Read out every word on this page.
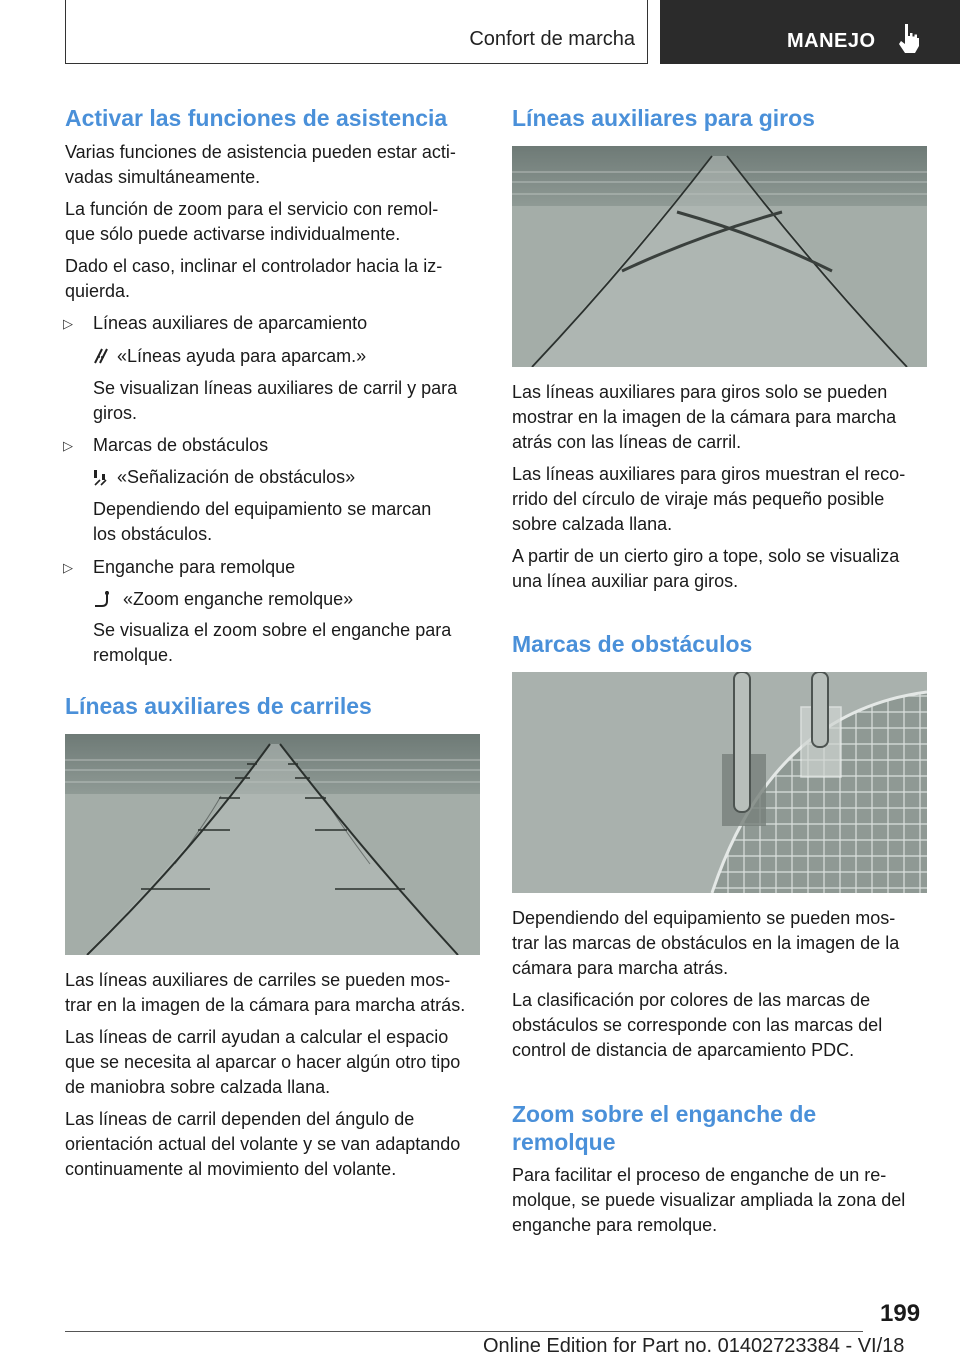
Confort de marcha	MANEJO
Activar las funciones de asistencia

Varias funciones de asistencia pueden estar acti-

vadas simultáneamente.

La función de zoom para el servicio con remol-

que sólo puede activarse individualmente.

Dado el caso, inclinar el controlador hacia la iz-

quierda.

▷ Líneas auxiliares de aparcamiento
«Líneas ayuda para aparcam.»

Se visualizan líneas auxiliares de carril y para

giros.

▷ Marcas de obstáculos
«Señalización de obstáculos»

Dependiendo del equipamiento se marcan

los obstáculos.

▷ Enganche para remolque
«Zoom enganche remolque»

Se visualiza el zoom sobre el enganche para

remolque.

Líneas auxiliares de carriles

Las líneas auxiliares de carriles se pueden mos-

trar en la imagen de la cámara para marcha atrás.

Las líneas de carril ayudan a calcular el espacio

que se necesita al aparcar o hacer algún otro tipo

de maniobra sobre calzada llana.

Las líneas de carril dependen del ángulo de

orientación actual del volante y se van adaptando

continuamente al movimiento del volante.

Líneas auxiliares para giros

Las líneas auxiliares para giros solo se pueden

mostrar en la imagen de la cámara para marcha

atrás con las líneas de carril.

Las líneas auxiliares para giros muestran el reco-

rrido del círculo de viraje más pequeño posible

sobre calzada llana.

A partir de un cierto giro a tope, solo se visualiza

una línea auxiliar para giros.

Marcas de obstáculos

Dependiendo del equipamiento se pueden mos-

trar las marcas de obstáculos en la imagen de la

cámara para marcha atrás.

La clasificación por colores de las marcas de

obstáculos se corresponde con las marcas del

control de distancia de aparcamiento PDC.

Zoom sobre el enganche de
remolque

Para facilitar el proceso de enganche de un re-

molque, se puede visualizar ampliada la zona del

enganche para remolque.

199
Online Edition for Part no. 01402723384 - VI/18
